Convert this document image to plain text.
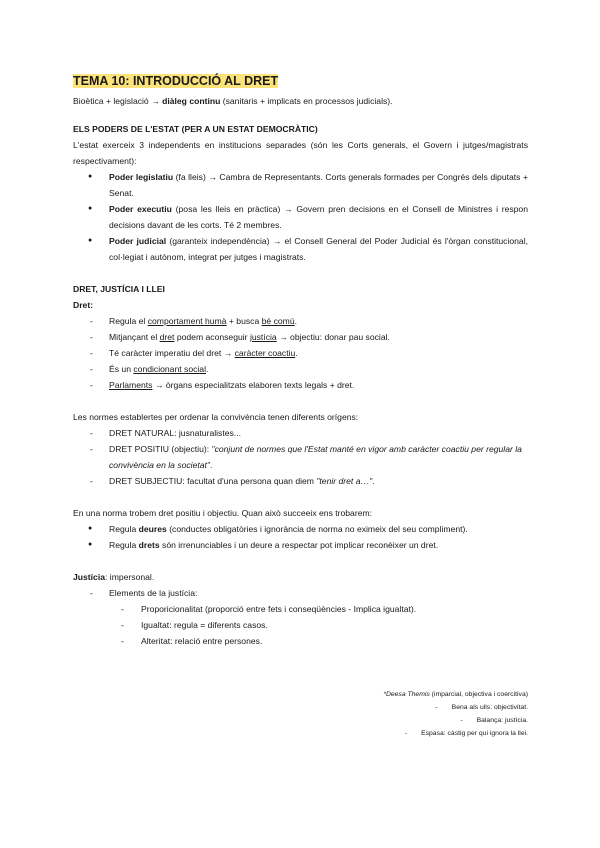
TEMA 10: INTRODUCCIÓ AL DRET

Bioètica + legislació → diàleg continu (sanitaris + implicats en processos judicials).

ELS PODERS DE L'ESTAT (PER A UN ESTAT DEMOCRÀTIC)

L'estat exerceix 3 independents en institucions separades (són les Corts generals, el Govern i jutges/magistrats respectivament):

● Poder legislatiu (fa lleis) → Cambra de Representants. Corts generals formades per Congrés dels diputats + Senat.
● Poder executiu (posa les lleis en pràctica) → Govern pren decisions en el Consell de Ministres i respon decisions davant de les corts. Té 2 membres.
● Poder judicial (garanteix independència) → el Consell General del Poder Judicial és l'òrgan constitucional, col·legiat i autònom, integrat per jutges i magistrats.

DRET, JUSTÍCIA I LLEI

Dret:

- Regula el comportament humà + busca bé comú.
- Mitjançant el dret podem aconseguir justícia → objectiu: donar pau social.
- Té caràcter imperatiu del dret → caràcter coactiu.
- És un condicionant social.
- Parlaments → òrgans especialitzats elaboren texts legals + dret.

Les normes establertes per ordenar la convivència tenen diferents orígens:

- DRET NATURAL: jusnaturalistes...
- DRET POSITIU (objectiu): "conjunt de normes que l'Estat manté en vigor amb caràcter coactiu per regular la convivència en la societat".
- DRET SUBJECTIU: facultat d'una persona quan diem "tenir dret a…".

En una norma trobem dret positiu i objectiu. Quan això succeeix ens trobarem:

● Regula deures (conductes obligatòries i ignorància de norma no eximeix del seu compliment).
● Regula drets són irrenunciables i un deure a respectar pot implicar reconèixer un dret.

Justícia: impersonal.

- Elements de la justícia:
- Proporicionalitat (proporció entre fets i conseqüències - Implica igualtat).
- Igualtat: regula = diferents casos.
- Alteritat: relació entre persones.
*Deesa Themis (imparcial, objectiva i coercitiva)
- Bena als ulls: objectivitat.
- Balança: justícia.
- Espasa: càstig per qui ignora la llei.
